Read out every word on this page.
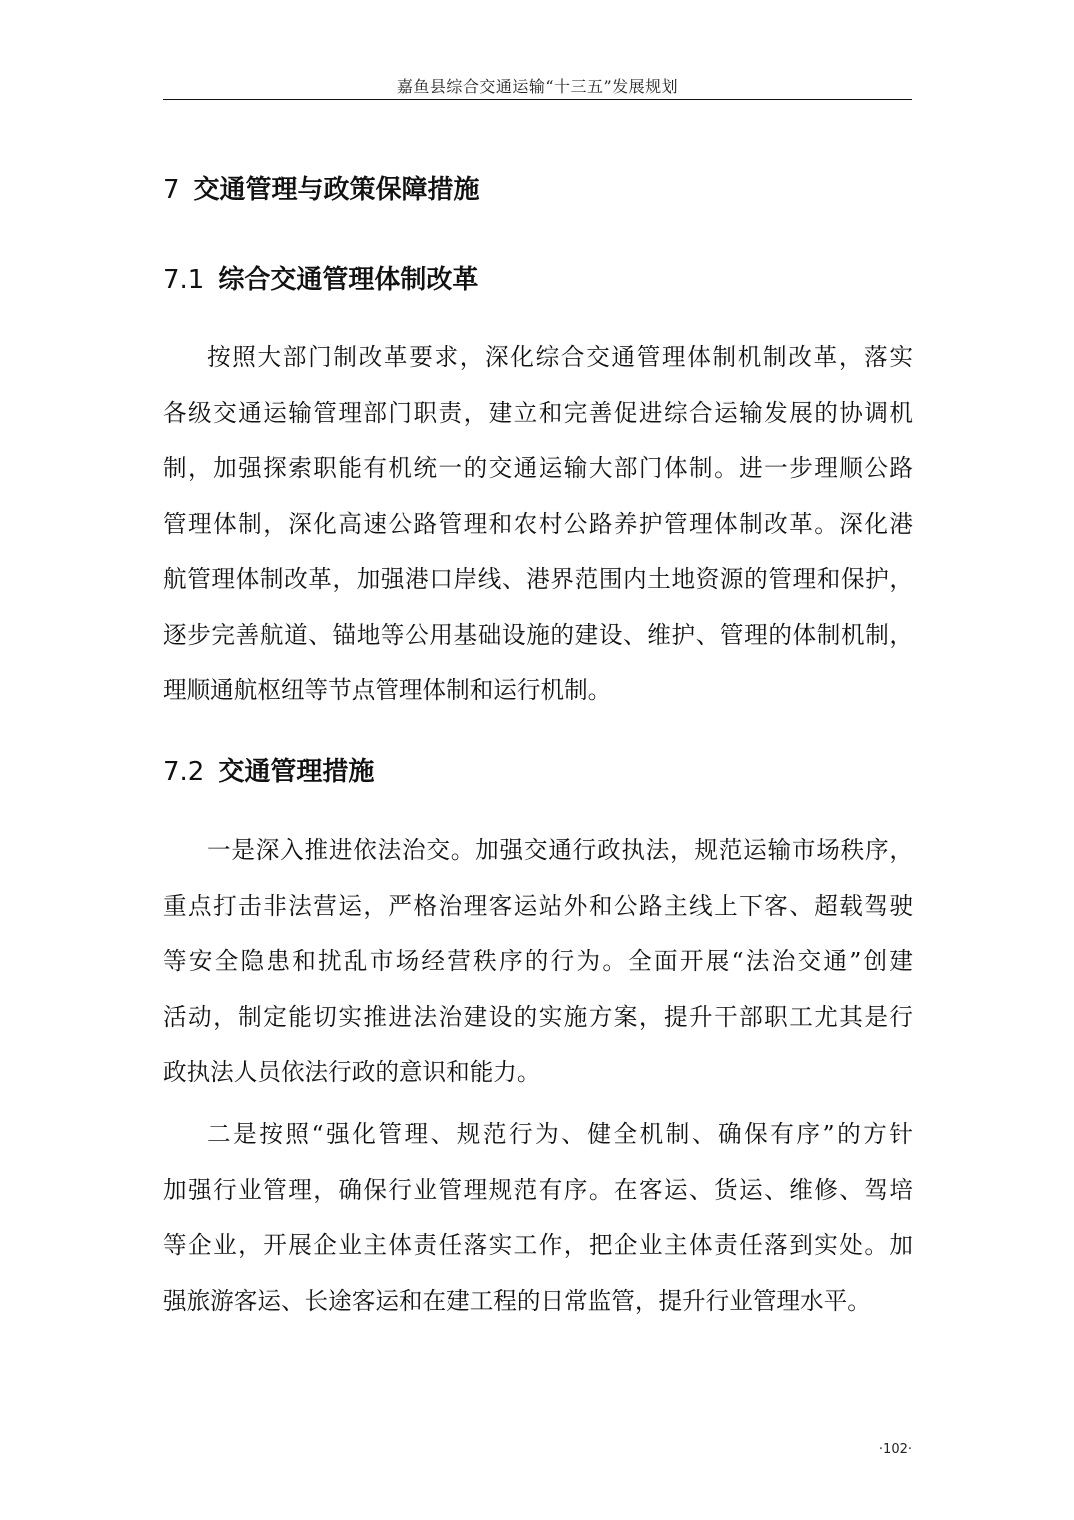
嘉鱼县综合交通运输“十三五”发展规划
7 交通管理与政策保障措施
7.1 综合交通管理体制改革
按照大部门制改革要求，深化综合交通管理体制机制改革，落实
各级交通运输管理部门职责，建立和完善促进综合运输发展的协调机
制，加强探索职能有机统一的交通运输大部门体制。进一步理顺公路
管理体制，深化高速公路管理和农村公路养护管理体制改革。深化港
航管理体制改革，加强港口岸线、港界范围内土地资源的管理和保护，
逐步完善航道、锚地等公用基础设施的建设、维护、管理的体制机制，
理顺通航枢纽等节点管理体制和运行机制。
7.2 交通管理措施
一是深入推进依法治交。加强交通行政执法，规范运输市场秩序，
重点打击非法营运，严格治理客运站外和公路主线上下客、超载驾驶
等安全隐患和扰乱市场经营秩序的行为。全面开展“法治交通”创建
活动，制定能切实推进法治建设的实施方案，提升干部职工尤其是行
政执法人员依法行政的意识和能力。
二是按照“强化管理、规范行为、健全机制、确保有序”的方针
加强行业管理，确保行业管理规范有序。在客运、货运、维修、驾培
等企业，开展企业主体责任落实工作，把企业主体责任落到实处。加
强旅游客运、长途客运和在建工程的日常监管，提升行业管理水平。
·102·
